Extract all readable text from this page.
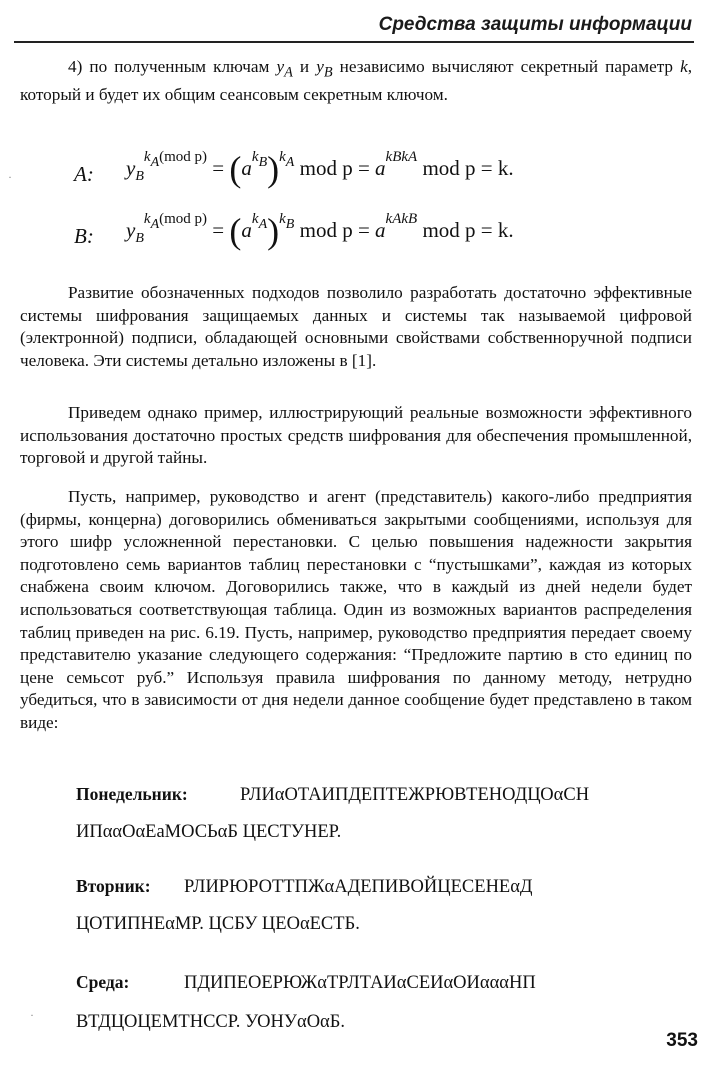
Средства защиты информации

4) по полученным ключам $y_A$ и $y_B$ независимо вычисляют секретный параметр k, который и будет их общим сеансовым секретным ключом.

A: $y_B^{k_A(mod p)} = (a^{k_B})^{k_A}$ mod $p = a^{kBkA}$ mod p = k.
B: $y_B^{k_A(mod p)} = (a^{k_A})^{k_B}$ mod $p = a^{kAkB}$ mod p = k.

Развитие обозначенных подходов позволило разработать достаточно эффективные системы шифрования защищаемых данных и системы так называемой цифровой (электронной) подписи, обладающей основными свойствами собственноручной подписи человека. Эти системы детально изложены в [1].

Приведем однако пример, иллюстрирующий реальные возможности эффективного использования достаточно простых средств шифрования для обеспечения промышленной, торговой и другой тайны.

Пусть, например, руководство и агент (представитель) какого-либо предприятия (фирмы, концерна) договорились обмениваться закрытыми сообщениями, используя для этого шифр усложненной перестановки. С целью повышения надежности закрытия подготовлено семь вариантов таблиц перестановки с “пустышками”, каждая из которых снабжена своим ключом. Договорились также, что в каждый из дней недели будет использоваться соответствующая таблица. Один из возможных вариантов распределения таблиц приведен на рис. 6.19. Пусть, например, руководство предприятия передает своему представителю указание следующего содержания: “Предложите партию в сто единиц по цене семьсот руб.” Используя правила шифрования по данному методу, нетрудно убедиться, что в зависимости от дня недели данное сообщение будет представлено в таком виде:

Понедельник:	РЛИαОТАИПДЕПТЕЖРЮВТЕНОДЦОαСН
ИПααОαЕаМОСЬαБ ЦЕСТУНЕР.
Вторник: РЛИРЮРОТТПЖαАДЕПИВОЙЦЕСЕНЕαД
ЦОТИПНЕαМР. ЦСБУ ЦЕОαЕСТБ.
Среда:	ПДИПЕОЕРЮЖαТРЛТАИαСЕИαОИαααНП
ВТДЦОЦЕМТНССР. УОНУαОαБ.
353
·
·
